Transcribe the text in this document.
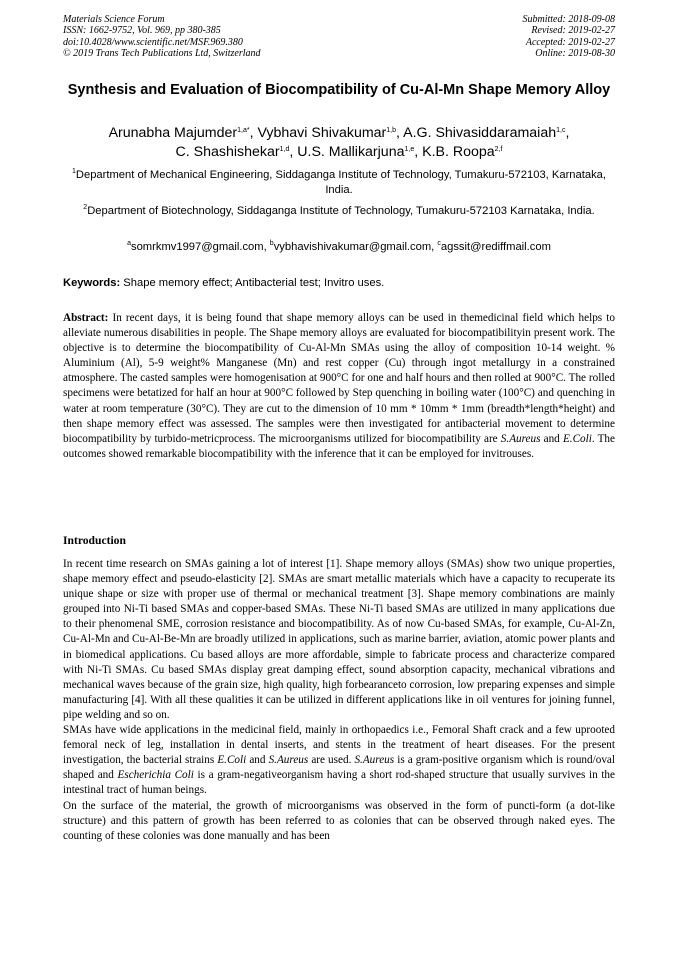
Materials Science Forum
ISSN: 1662-9752, Vol. 969, pp 380-385
doi:10.4028/www.scientific.net/MSF.969.380
© 2019 Trans Tech Publications Ltd, Switzerland
Submitted: 2018-09-08
Revised: 2019-02-27
Accepted: 2019-02-27
Online: 2019-08-30
Synthesis and Evaluation of Biocompatibility of Cu-Al-Mn Shape Memory Alloy
Arunabha Majumder$^{1,a*}$, Vybhavi Shivakumar$^{1,b}$, A.G. Shivasiddaramaiah$^{1,c}$,
C. Shashishekar$^{1,d}$, U.S. Mallikarjuna$^{1,e}$, K.B. Roopa$^{2,f}$
$^1$Department of Mechanical Engineering, Siddaganga Institute of Technology, Tumakuru-572103, Karnataka, India.
$^2$Department of Biotechnology, Siddaganga Institute of Technology, Tumakuru-572103 Karnataka, India.
$^a$somrkmv1997@gmail.com, $^b$vybhavishivakumar@gmail.com, $^c$agssit@rediffmail.com
Keywords: Shape memory effect; Antibacterial test; Invitro uses.
Abstract: In recent days, it is being found that shape memory alloys can be used in themedicinal field which helps to alleviate numerous disabilities in people. The Shape memory alloys are evaluated for biocompatibilityin present work. The objective is to determine the biocompatibility of Cu-Al-Mn SMAs using the alloy of composition 10-14 weight. % Aluminium (Al), 5-9 weight% Manganese (Mn) and rest copper (Cu) through ingot metallurgy in a constrained atmosphere. The casted samples were homogenisation at 900°C for one and half hours and then rolled at 900°C. The rolled specimens were betatized for half an hour at 900°C followed by Step quenching in boiling water (100°C) and quenching in water at room temperature (30°C). They are cut to the dimension of 10 mm * 10mm * 1mm (breadth*length*height) and then shape memory effect was assessed. The samples were then investigated for antibacterial movement to determine biocompatibility by turbido-metricprocess. The microorganisms utilized for biocompatibility are S.Aureus and E.Coli. The outcomes showed remarkable biocompatibility with the inference that it can be employed for invitrouses.
Introduction

In recent time research on SMAs gaining a lot of interest [1]. Shape memory alloys (SMAs) show two unique properties, shape memory effect and pseudo-elasticity [2]. SMAs are smart metallic materials which have a capacity to recuperate its unique shape or size with proper use of thermal or mechanical treatment [3]. Shape memory combinations are mainly grouped into Ni-Ti based SMAs and copper-based SMAs. These Ni-Ti based SMAs are utilized in many applications due to their phenomenal SME, corrosion resistance and biocompatibility. As of now Cu-based SMAs, for example, Cu-Al-Zn, Cu-Al-Mn and Cu-Al-Be-Mn are broadly utilized in applications, such as marine barrier, aviation, atomic power plants and in biomedical applications. Cu based alloys are more affordable, simple to fabricate process and characterize compared with Ni-Ti SMAs. Cu based SMAs display great damping effect, sound absorption capacity, mechanical vibrations and mechanical waves because of the grain size, high quality, high forbearanceto corrosion, low preparing expenses and simple manufacturing [4]. With all these qualities it can be utilized in different applications like in oil ventures for joining funnel, pipe welding and so on.

SMAs have wide applications in the medicinal field, mainly in orthopaedics i.e., Femoral Shaft crack and a few uprooted femoral neck of leg, installation in dental inserts, and stents in the treatment of heart diseases. For the present investigation, the bacterial strains E.Coli and S.Aureus are used. S.Aureus is a gram-positive organism which is round/oval shaped and Escherichia Coli is a gram-negativeorganism having a short rod-shaped structure that usually survives in the intestinal tract of human beings.

On the surface of the material, the growth of microorganisms was observed in the form of puncti-form (a dot-like structure) and this pattern of growth has been referred to as colonies that can be observed through naked eyes. The counting of these colonies was done manually and has been
